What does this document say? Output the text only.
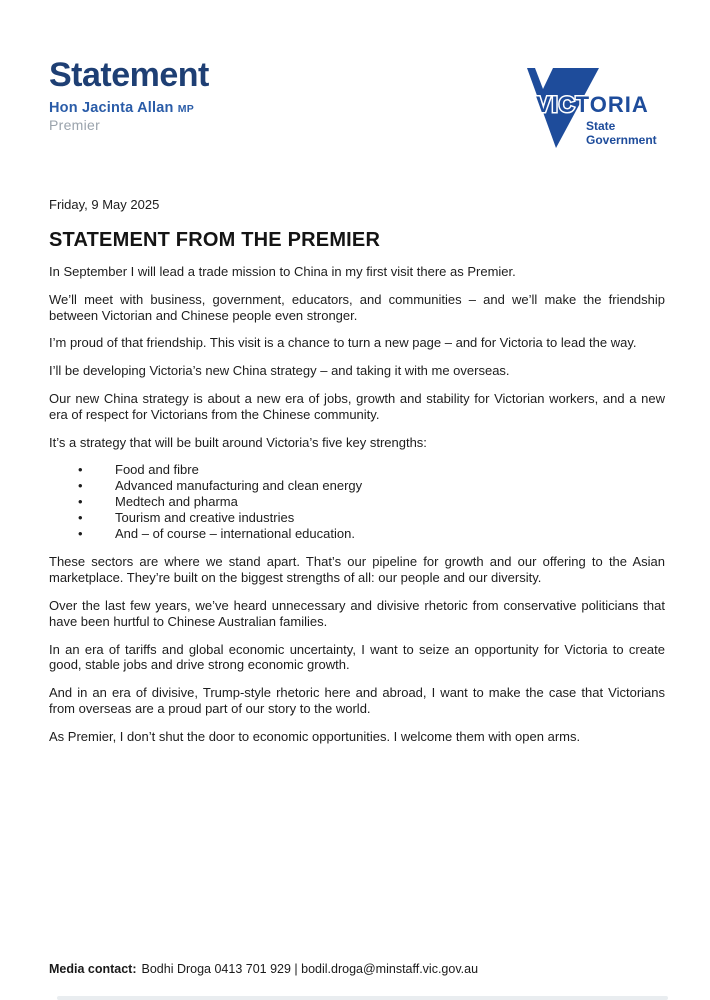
Statement
Hon Jacinta Allan MP
Premier
VICTORIA
State
Government
Friday, 9 May 2025
STATEMENT FROM THE PREMIER

In September I will lead a trade mission to China in my first visit there as Premier.

We’ll meet with business, government, educators, and communities – and we’ll make the friendship between Victorian and Chinese people even stronger.

I’m proud of that friendship. This visit is a chance to turn a new page – and for Victoria to lead the way.

I’ll be developing Victoria’s new China strategy – and taking it with me overseas.

Our new China strategy is about a new era of jobs, growth and stability for Victorian workers, and a new era of respect for Victorians from the Chinese community.

It’s a strategy that will be built around Victoria’s five key strengths:

• Food and fibre
• Advanced manufacturing and clean energy
• Medtech and pharma
• Tourism and creative industries
• And – of course – international education.

These sectors are where we stand apart. That’s our pipeline for growth and our offering to the Asian marketplace. They’re built on the biggest strengths of all: our people and our diversity.

Over the last few years, we’ve heard unnecessary and divisive rhetoric from conservative politicians that have been hurtful to Chinese Australian families.

In an era of tariffs and global economic uncertainty, I want to seize an opportunity for Victoria to create good, stable jobs and drive strong economic growth.

And in an era of divisive, Trump-style rhetoric here and abroad, I want to make the case that Victorians from overseas are a proud part of our story to the world.

As Premier, I don’t shut the door to economic opportunities. I welcome them with open arms.

Media contact: Bodhi Droga 0413 701 929 | bodil.droga@minstaff.vic.gov.au
